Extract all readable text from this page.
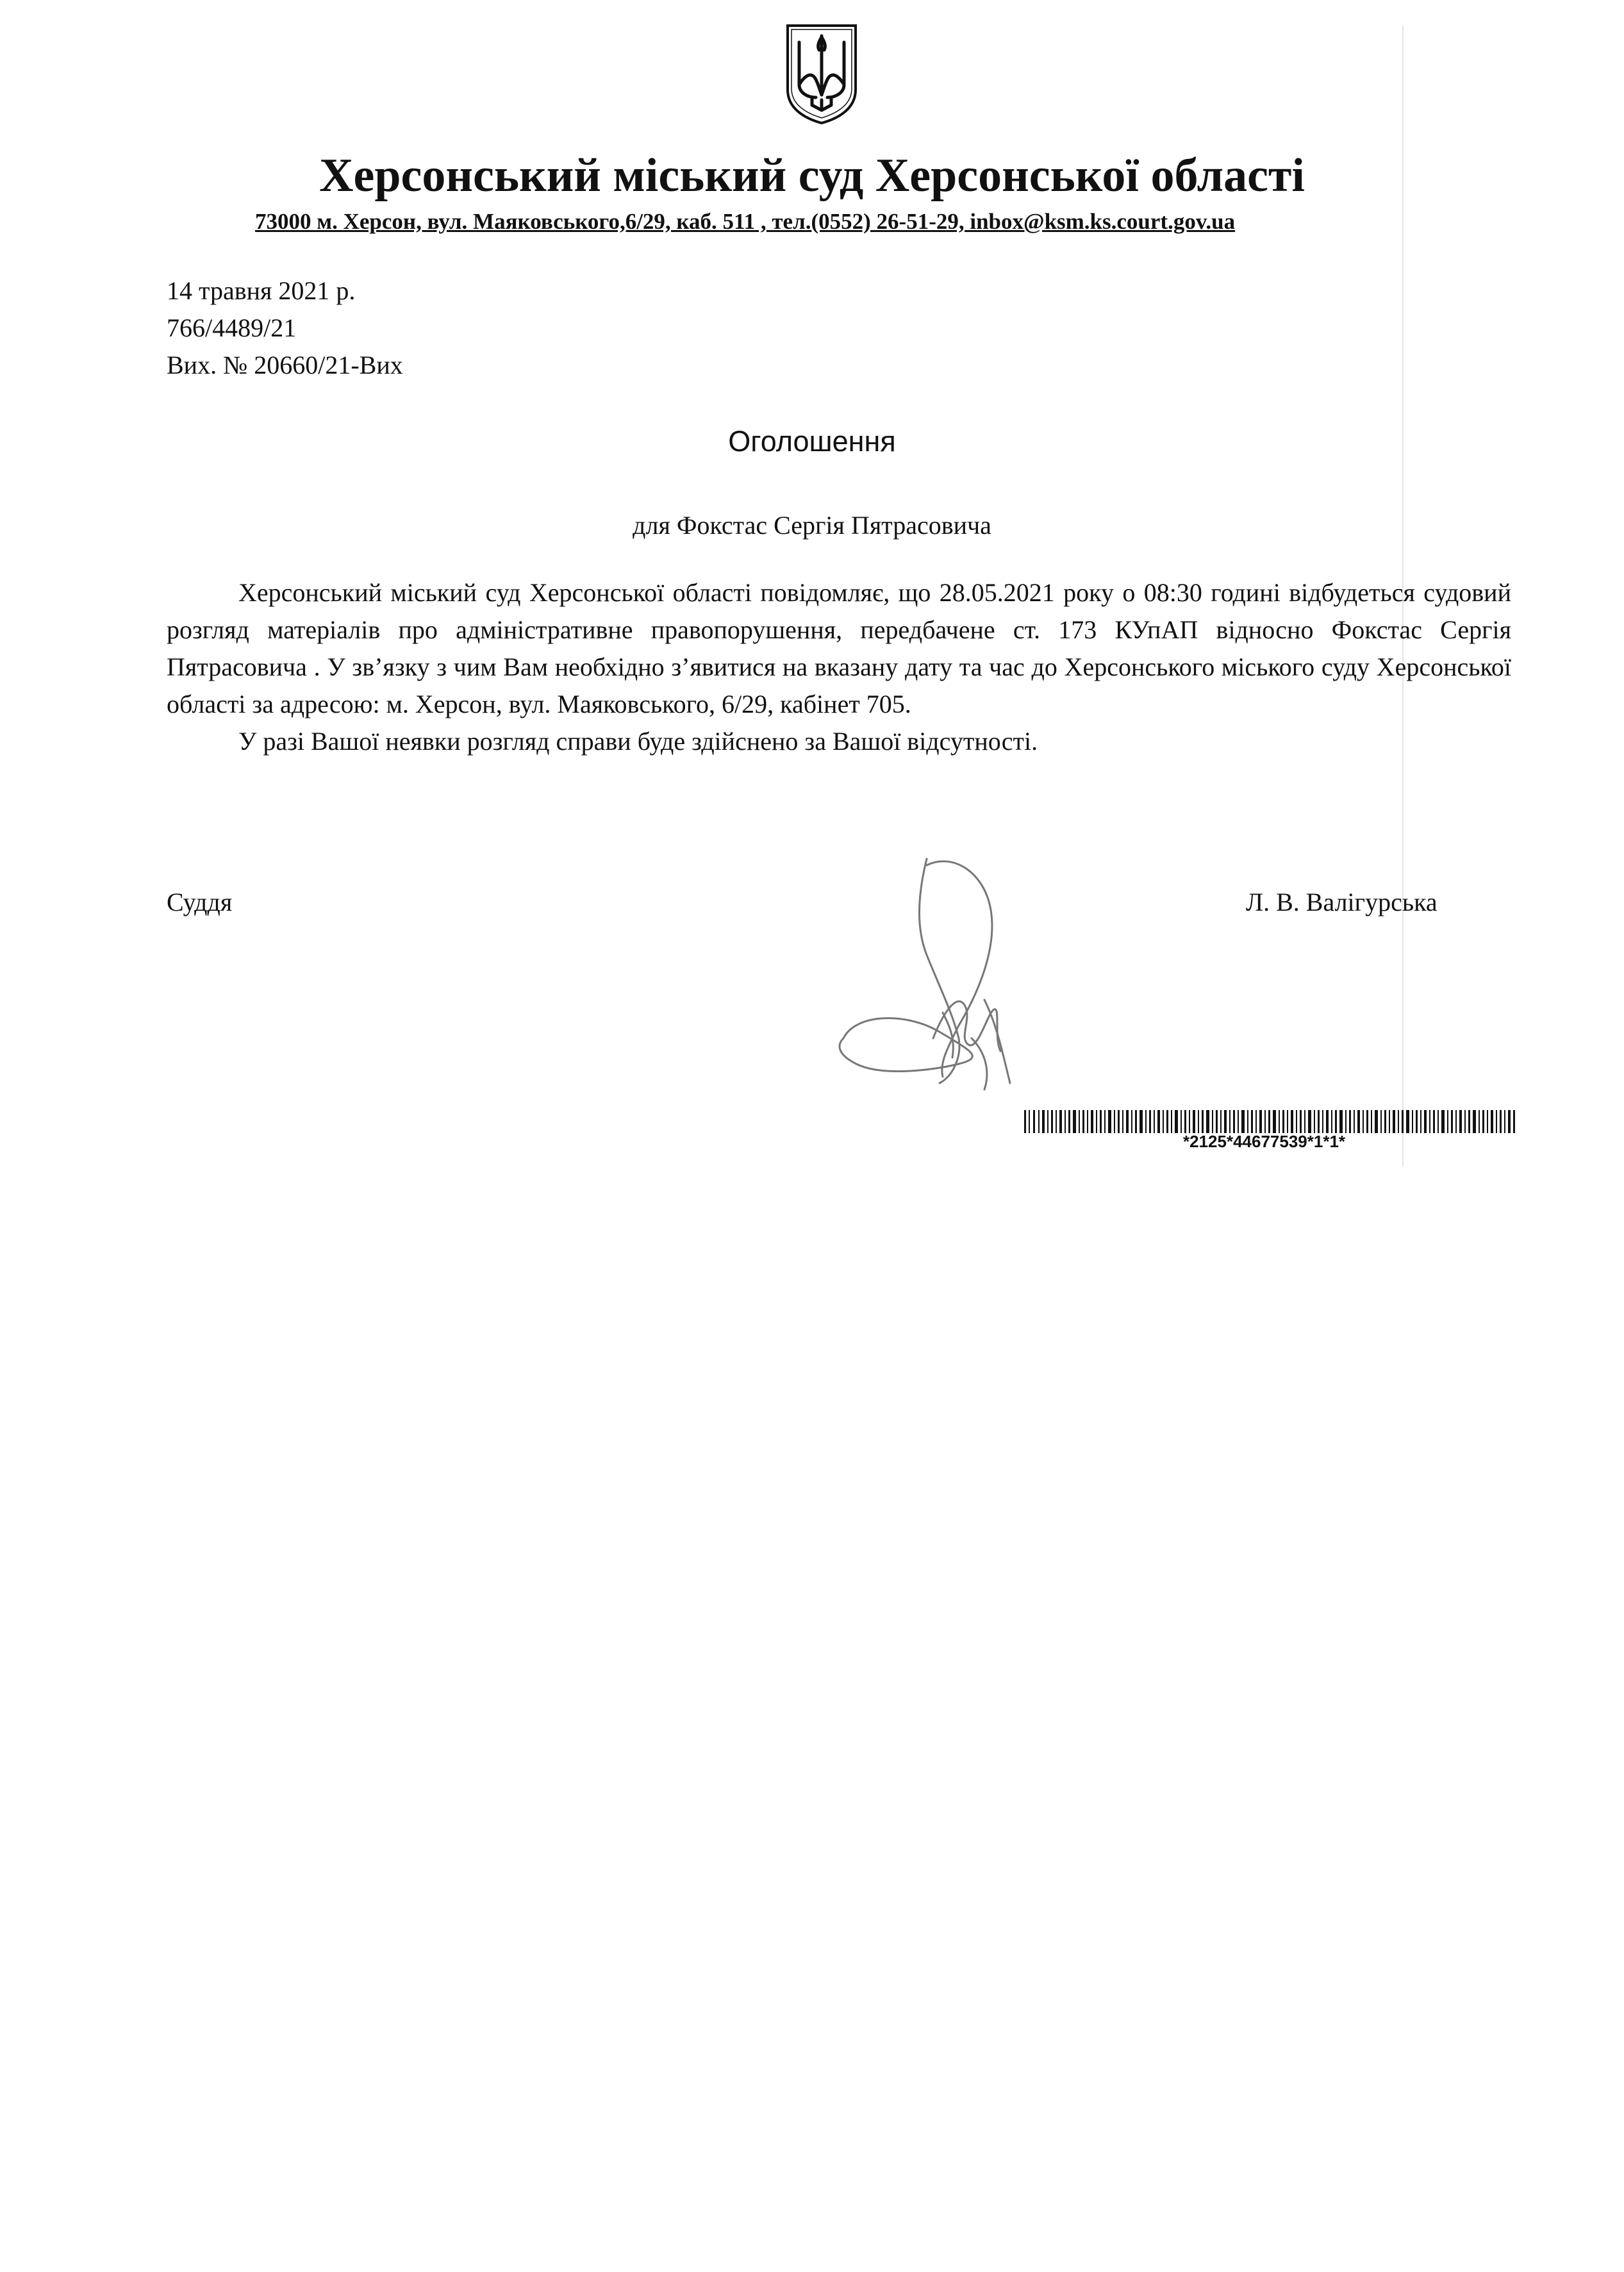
Херсонський міський суд Херсонської області
73000 м. Херсон, вул. Маяковського,6/29, каб. 511 , тел.(0552) 26-51-29, inbox@ksm.ks.court.gov.ua
14 травня 2021 р.
766/4489/21
Вих. № 20660/21-Вих
Оголошення
для Фокстас Сергія Пятрасовича

Херсонський міський суд Херсонської області повідомляє, що 28.05.2021 року о 08:30 годині відбудеться судовий розгляд матеріалів про адміністративне правопорушення, передбачене ст. 173 КУпАП відносно Фокстас Сергія Пятрасовича . У зв’язку з чим Вам необхідно з’явитися на вказану дату та час до Херсонського міського суду Херсонської області за адресою: м. Херсон, вул. Маяковського, 6/29, кабінет 705.

У разі Вашої неявки розгляд справи буде здійснено за Вашої відсутності.

Суддя	Л. В. Валігурська
*2125*44677539*1*1*
